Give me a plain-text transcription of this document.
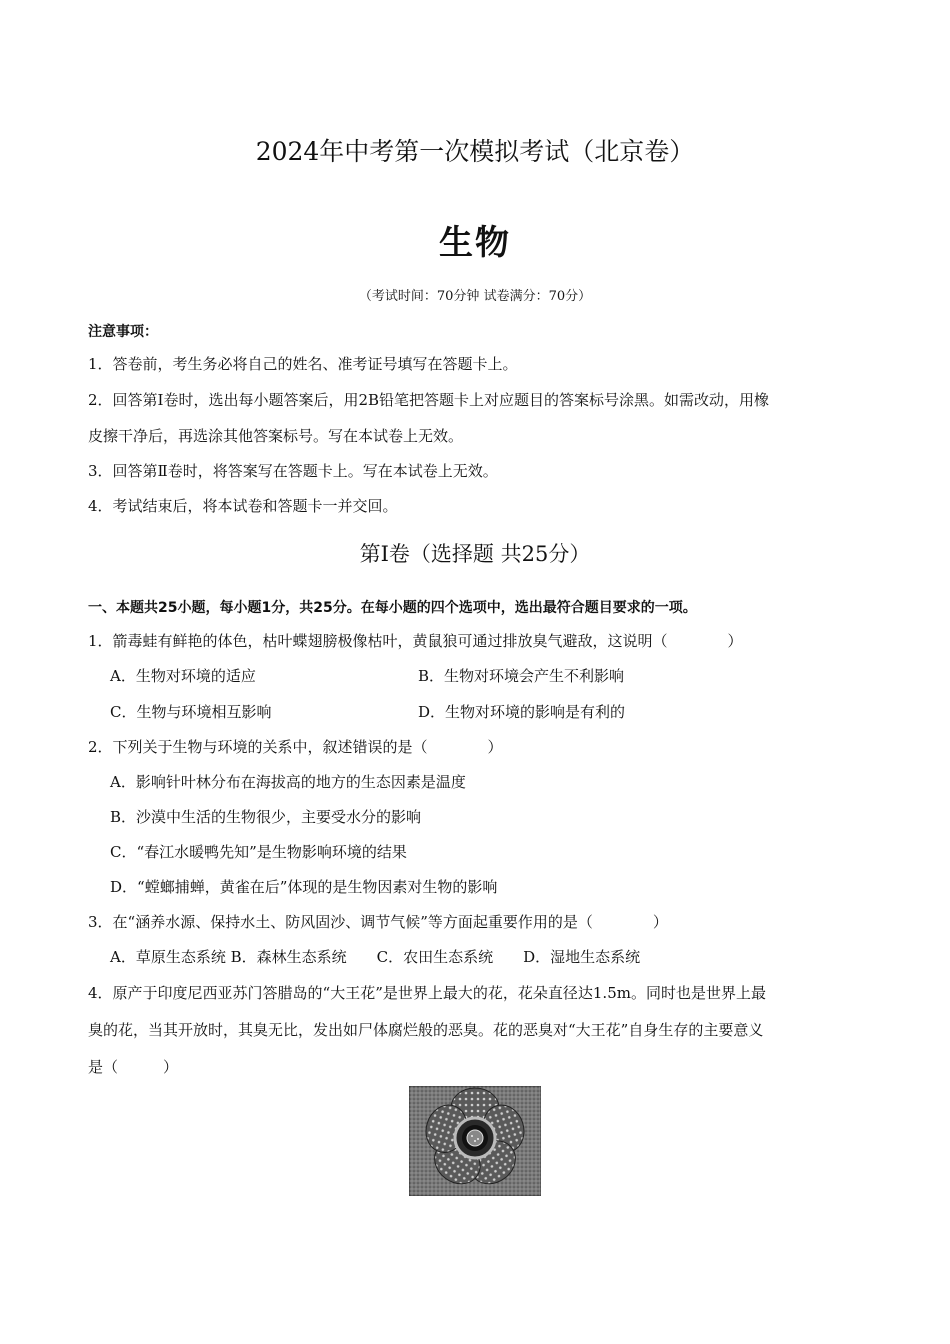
2024年中考第一次模拟考试（北京卷）
生物
（考试时间：70分钟 试卷满分：70分）
注意事项：
1．答卷前，考生务必将自己的姓名、准考证号填写在答题卡上。
2．回答第Ⅰ卷时，选出每小题答案后，用2B铅笔把答题卡上对应题目的答案标号涂黑。如需改动，用橡
皮擦干净后，再选涂其他答案标号。写在本试卷上无效。
3．回答第Ⅱ卷时，将答案写在答题卡上。写在本试卷上无效。
4．考试结束后，将本试卷和答题卡一并交回。
第Ⅰ卷（选择题 共25分）
一、本题共25小题，每小题1分，共25分。在每小题的四个选项中，选出最符合题目要求的一项。
1．箭毒蛙有鲜艳的体色，枯叶蝶翅膀极像枯叶，黄鼠狼可通过排放臭气避敌，这说明（　　　　）
A．生物对环境的适应	B．生物对环境会产生不利影响
C．生物与环境相互影响	D．生物对环境的影响是有利的
2．下列关于生物与环境的关系中，叙述错误的是（　　　　）
A．影响针叶林分布在海拔高的地方的生态因素是温度
B．沙漠中生活的生物很少，主要受水分的影响
C．“春江水暖鸭先知”是生物影响环境的结果
D．“螳螂捕蝉，黄雀在后”体现的是生物因素对生物的影响
3．在“涵养水源、保持水土、防风固沙、调节气候”等方面起重要作用的是（　　　　）
A．草原生态系统 B．森林生态系统　　C．农田生态系统　　D．湿地生态系统
4．原产于印度尼西亚苏门答腊岛的“大王花”是世界上最大的花，花朵直径达1.5m。同时也是世界上最
臭的花，当其开放时，其臭无比，发出如尸体腐烂般的恶臭。花的恶臭对“大王花”自身生存的主要意义
是（　　　）
